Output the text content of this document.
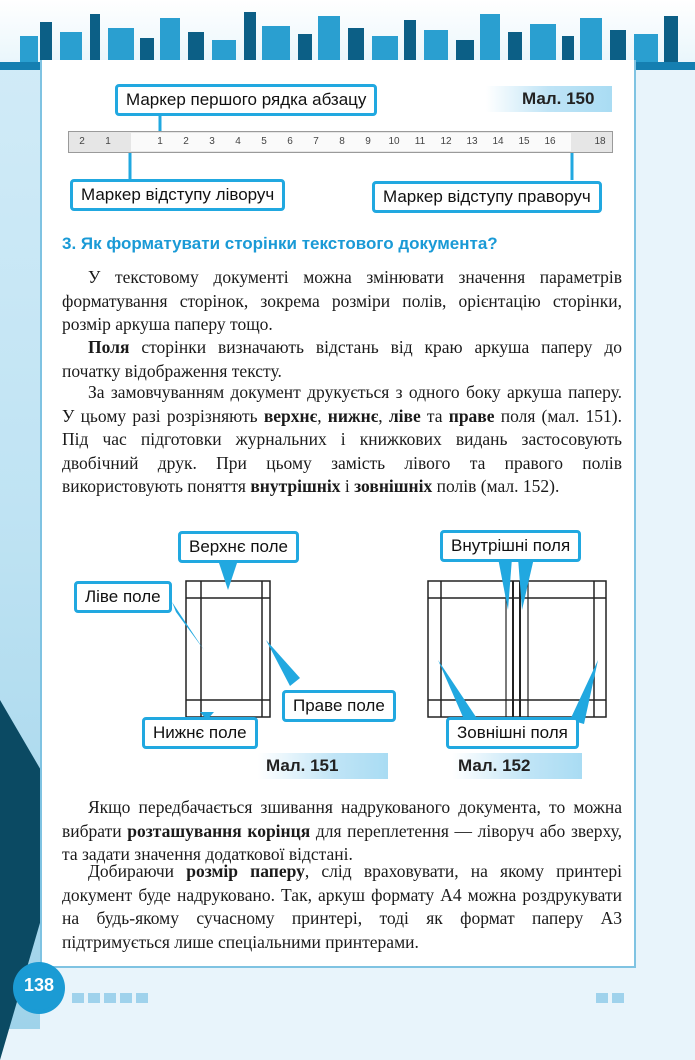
Маркер першого рядка абзацу	Мал. 150
2	1	1	2	3	4	5	6	7	8	9	10 11 12 13 14 15 16	18
Маркер відступу ліворуч	Маркер відступу праворуч
3. Як форматувати сторінки текстового документа?

У текстовому документі можна змінювати значення параметрів форматування сторінок, зокрема розміри полів, орієнтацію сторінки, розмір аркуша паперу тощо.

Поля сторінки визначають відстань від краю аркуша паперу до початку відображення тексту.

За замовчуванням документ друкується з одного боку аркуша паперу. У цьому разі розрізняють верхнє, нижнє, ліве та праве поля (мал. 151). Під час підготовки журнальних і книжкових видань застосовують двобічний друк. При цьому замість лівого та правого полів використовують поняття внутрішніх і зовнішніх полів (мал. 152).

Верхнє поле
Ліве поле
Праве поле
Нижнє поле
Мал. 151
Внутрішні поля
Зовнішні поля
Мал. 152

Якщо передбачається зшивання надрукованого документа, то можна вибрати розташування корінця для переплетення — ліворуч або зверху, та задати значення додаткової відстані.

Добираючи розмір паперу, слід враховувати, на якому принтері документ буде надруковано. Так, аркуш формату А4 можна роздрукувати на будь-якому сучасному принтері, тоді як формат паперу А3 підтримується лише спеціальними принтерами.

138
